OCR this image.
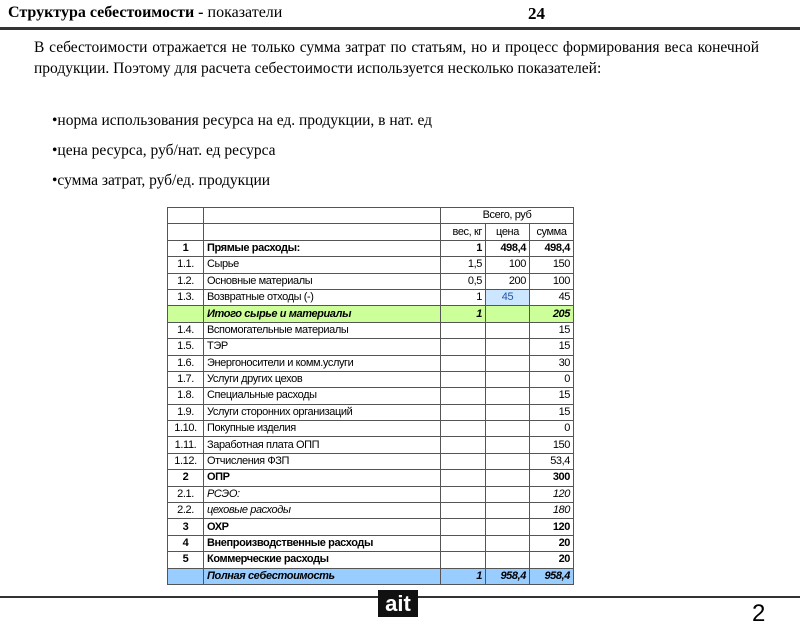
Структура себестоимости - показатели	24
В себестоимости отражается не только сумма затрат по статьям, но и процесс формирования веса конечной продукции. Поэтому для расчета себестоимости используется несколько показателей:
•норма использования ресурса на ед. продукции, в нат. ед
•цена ресурса, руб/нат. ед ресурса
•сумма затрат, руб/ед. продукции
		Всего, руб		
		вес, кг	цена	сумма
1	Прямые расходы:	1	498,4	498,4
1.1.	Сырье	1,5	100	150
1.2.	Основные материалы	0,5	200	100
1.3.	Возвратные отходы (-)	1	45	45
	Итого сырье и материалы	1		205
1.4.	Вспомогательные материалы			15
1.5.	ТЭР			15
1.6.	Энергоносители и комм.услуги			30
1.7.	Услуги других цехов			0
1.8.	Специальные расходы			15
1.9.	Услуги сторонних организаций			15
1.10.	Покупные изделия			0
1.11.	Заработная плата ОПП			150
1.12.	Отчисления ФЗП			53,4
2	ОПР			300
2.1.	РСЭО:			120
2.2.	цеховые расходы			180
3	ОХР			120
4	Внепроизводственные расходы			20
5	Коммерческие расходы			20
	Полная себестоимость	1	958,4	958,4
ait	2
